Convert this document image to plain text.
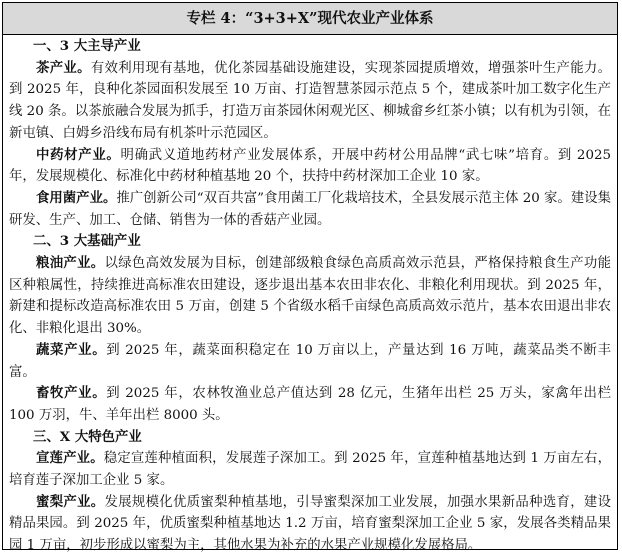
专栏 4：“3+3+X”现代农业产业体系

一、3 大主导产业

茶产业。有效利用现有基地，优化茶园基础设施建设，实现茶园提质增效，增强茶叶生产能力。到 2025 年，良种化茶园面积发展至 10 万亩、打造智慧茶园示范点 5 个，建成茶叶加工数字化生产线 20 条。以茶旅融合发展为抓手，打造万亩茶园休闲观光区、柳城畲乡红茶小镇；以有机为引领，在新屯镇、白姆乡沿线布局有机茶叶示范园区。

中药材产业。明确武义道地药材产业发展体系，开展中药材公用品牌“武七味”培育。到 2025 年，发展规模化、标准化中药材种植基地 20 个，扶持中药材深加工企业 10 家。

食用菌产业。推广创新公司“双百共富”食用菌工厂化栽培技术，全县发展示范主体 20 家。建设集研发、生产、加工、仓储、销售为一体的香菇产业园。

二、3 大基础产业

粮油产业。以绿色高效发展为目标，创建部级粮食绿色高质高效示范县，严格保持粮食生产功能区种粮属性，持续推进高标准农田建设，逐步退出基本农田非农化、非粮化利用现状。到 2025 年，新建和提标改造高标准农田 5 万亩，创建 5 个省级水稻千亩绿色高质高效示范片，基本农田退出非农化、非粮化退出 30%。

蔬菜产业。到 2025 年，蔬菜面积稳定在 10 万亩以上，产量达到 16 万吨，蔬菜品类不断丰富。

畜牧产业。到 2025 年，农林牧渔业总产值达到 28 亿元，生猪年出栏 25 万头，家禽年出栏 100 万羽，牛、羊年出栏 8000 头。

三、X 大特色产业

宣莲产业。稳定宣莲种植面积，发展莲子深加工。到 2025 年，宣莲种植基地达到 1 万亩左右，培育莲子深加工企业 5 家。

蜜梨产业。发展规模化优质蜜梨种植基地，引导蜜梨深加工业发展，加强水果新品种选育，建设精品果园。到 2025 年，优质蜜梨种植基地达 1.2 万亩，培育蜜梨深加工企业 5 家，发展各类精品果园 1 万亩，初步形成以蜜梨为主，其他水果为补充的水果产业规模化发展格局。
